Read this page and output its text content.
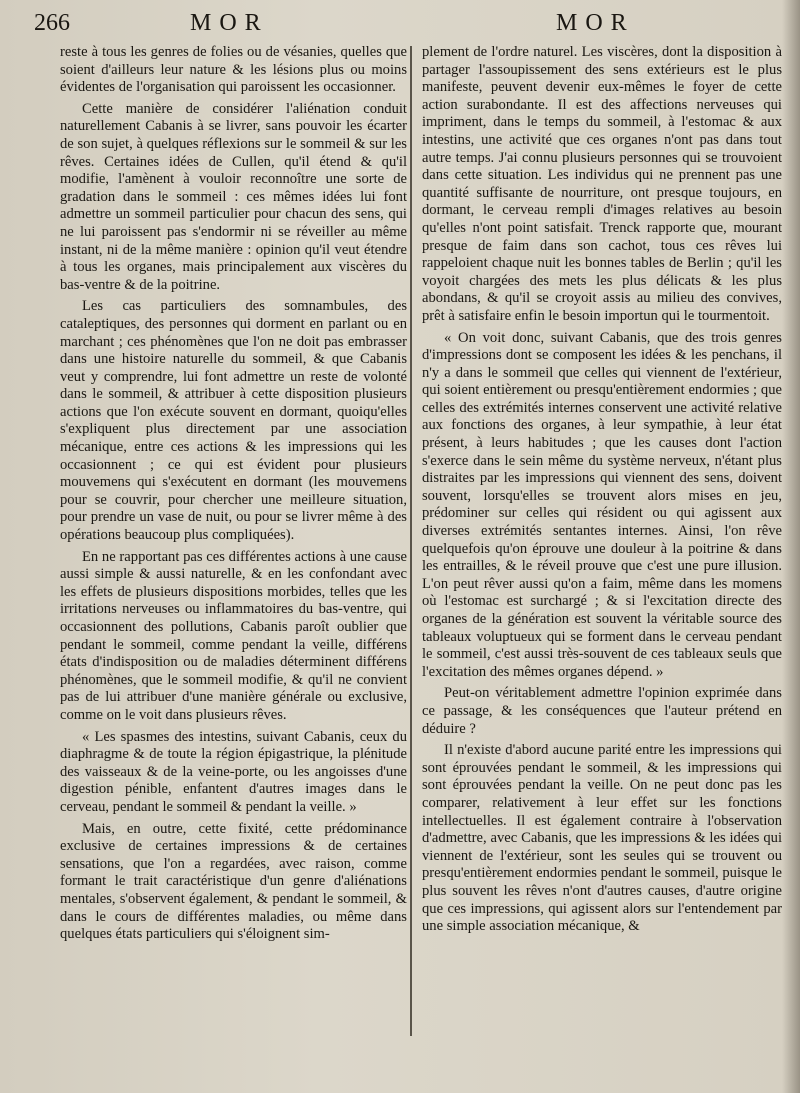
266	MOR	MOR

reste à tous les genres de folies ou de vésanies, quelles que soient d'ailleurs leur nature & les lésions plus ou moins évidentes de l'organisation qui paroissent les occasionner.

Cette manière de considérer l'aliénation conduit naturellement Cabanis à se livrer, sans pouvoir les écarter de son sujet, à quelques réflexions sur le sommeil & sur les rêves. Certaines idées de Cullen, qu'il étend & qu'il modifie, l'amènent à vouloir reconnoître une sorte de gradation dans le sommeil : ces mêmes idées lui font admettre un sommeil particulier pour chacun des sens, qui ne lui paroissent pas s'endormir ni se réveiller au même instant, ni de la même manière : opinion qu'il veut étendre à tous les organes, mais principalement aux viscères du bas-ventre & de la poitrine.

Les cas particuliers des somnambules, des cataleptiques, des personnes qui dorment en parlant ou en marchant ; ces phénomènes que l'on ne doit pas embrasser dans une histoire naturelle du sommeil, & que Cabanis veut y comprendre, lui font admettre un reste de volonté dans le sommeil, & attribuer à cette disposition plusieurs actions que l'on exécute souvent en dormant, quoiqu'elles s'expliquent plus directement par une association mécanique, entre ces actions & les impressions qui les occasionnent ; ce qui est évident pour plusieurs mouvemens qui s'exécutent en dormant (les mouvemens pour se couvrir, pour chercher une meilleure situation, pour prendre un vase de nuit, ou pour se livrer même à des opérations beaucoup plus compliquées).

En ne rapportant pas ces différentes actions à une cause aussi simple & aussi naturelle, & en les confondant avec les effets de plusieurs dispositions morbides, telles que les irritations nerveuses ou inflammatoires du bas-ventre, qui occasionnent des pollutions, Cabanis paroît oublier que pendant le sommeil, comme pendant la veille, différens états d'indisposition ou de maladies déterminent différens phénomènes, que le sommeil modifie, & qu'il ne convient pas de lui attribuer d'une manière générale ou exclusive, comme on le voit dans plusieurs rêves.

« Les spasmes des intestins, suivant Cabanis, ceux du diaphragme & de toute la région épigastrique, la plénitude des vaisseaux & de la veine-porte, ou les angoisses d'une digestion pénible, enfantent d'autres images dans le cerveau, pendant le sommeil & pendant la veille. »

Mais, en outre, cette fixité, cette prédominance exclusive de certaines impressions & de certaines sensations, que l'on a regardées, avec raison, comme formant le trait caractéristique d'un genre d'aliénations mentales, s'observent également, & pendant le sommeil, & dans le cours de différentes maladies, ou même dans quelques états particuliers qui s'éloignent sim-

plement de l'ordre naturel. Les viscères, dont la disposition à partager l'assoupissement des sens extérieurs est le plus manifeste, peuvent devenir eux-mêmes le foyer de cette action surabondante. Il est des affections nerveuses qui impriment, dans le temps du sommeil, à l'estomac & aux intestins, une activité que ces organes n'ont pas dans tout autre temps. J'ai connu plusieurs personnes qui se trouvoient dans cette situation. Les individus qui ne prennent pas une quantité suffisante de nourriture, ont presque toujours, en dormant, le cerveau rempli d'images relatives au besoin qu'elles n'ont point satisfait. Trenck rapporte que, mourant presque de faim dans son cachot, tous ces rêves lui rappeloient chaque nuit les bonnes tables de Berlin ; qu'il les voyoit chargées des mets les plus délicats & les plus abondans, & qu'il se croyoit assis au milieu des convives, prêt à satisfaire enfin le besoin importun qui le tourmentoit.

« On voit donc, suivant Cabanis, que des trois genres d'impressions dont se composent les idées & les penchans, il n'y a dans le sommeil que celles qui viennent de l'extérieur, qui soient entièrement ou presqu'entièrement endormies ; que celles des extrémités internes conservent une activité relative aux fonctions des organes, à leur sympathie, à leur état présent, à leurs habitudes ; que les causes dont l'action s'exerce dans le sein même du système nerveux, n'étant plus distraites par les impressions qui viennent des sens, doivent souvent, lorsqu'elles se trouvent alors mises en jeu, prédominer sur celles qui résident ou qui agissent aux diverses extrémités sentantes internes. Ainsi, l'on rêve quelquefois qu'on éprouve une douleur à la poitrine & dans les entrailles, & le réveil prouve que c'est une pure illusion. L'on peut rêver aussi qu'on a faim, même dans les momens où l'estomac est surchargé ; & si l'excitation directe des organes de la génération est souvent la véritable source des tableaux voluptueux qui se forment dans le cerveau pendant le sommeil, c'est aussi très-souvent de ces tableaux seuls que l'excitation des mêmes organes dépend. »

Peut-on véritablement admettre l'opinion exprimée dans ce passage, & les conséquences que l'auteur prétend en déduire ?

Il n'existe d'abord aucune parité entre les impressions qui sont éprouvées pendant le sommeil, & les impressions qui sont éprouvées pendant la veille. On ne peut donc pas les comparer, relativement à leur effet sur les fonctions intellectuelles. Il est également contraire à l'observation d'admettre, avec Cabanis, que les impressions & les idées qui viennent de l'extérieur, sont les seules qui se trouvent ou presqu'entièrement endormies pendant le sommeil, puisque le plus souvent les rêves n'ont d'autres causes, d'autre origine que ces impressions, qui agissent alors sur l'entendement par une simple association mécanique, &
